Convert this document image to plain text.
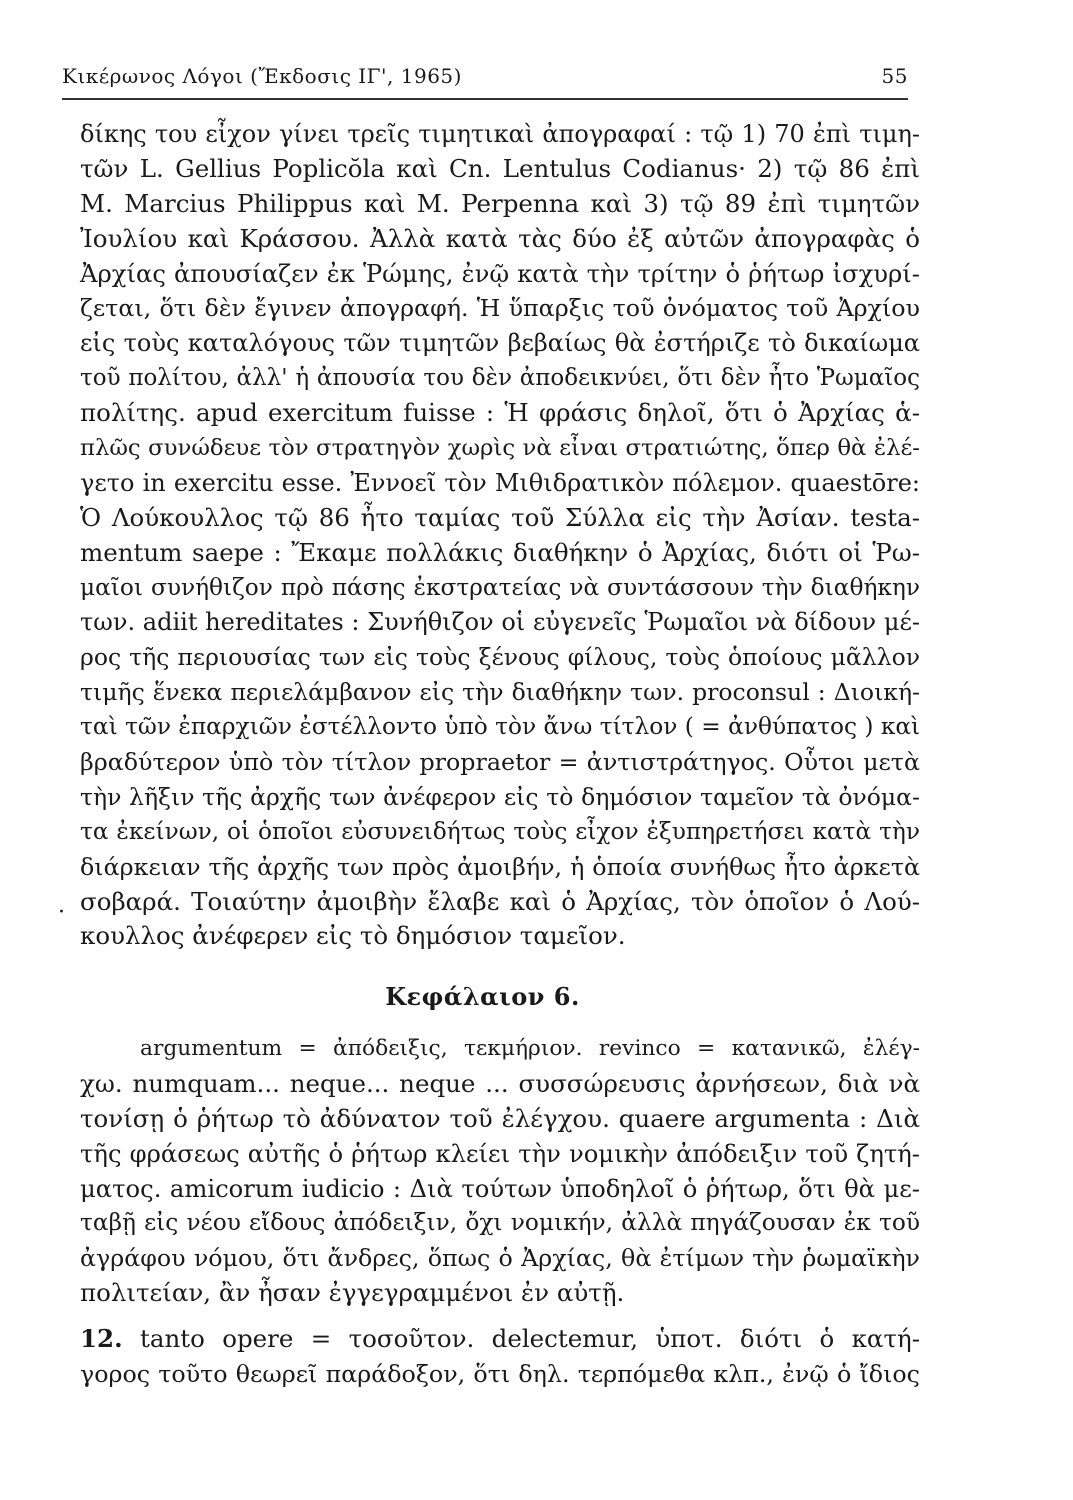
Κικέρωνος Λόγοι (Ἔκδοσις ΙΓ', 1965)	55
·
δίκης του εἶχον γίνει τρεῖς τιμητικαὶ ἀπογραφαί : τῷ 1) 70 ἐπὶ τιμη-
τῶν L. Gellius Poplicŏla καὶ Cn. Lentulus Codianus· 2) τῷ 86 ἐπὶ
M. Marcius Philippus καὶ M. Perpenna καὶ 3) τῷ 89 ἐπὶ τιμητῶν
Ἰουλίου καὶ Κράσσου. Ἀλλὰ κατὰ τὰς δύο ἐξ αὐτῶν ἀπογραφὰς ὁ
Ἀρχίας ἀπουσίαζεν ἐκ Ῥώμης, ἐνῷ κατὰ τὴν τρίτην ὁ ῥήτωρ ἰσχυρί-
ζεται, ὅτι δὲν ἔγινεν ἀπογραφή. Ἡ ὕπαρξις τοῦ ὀνόματος τοῦ Ἀρχίου
εἰς τοὺς καταλόγους τῶν τιμητῶν βεβαίως θὰ ἐστήριζε τὸ δικαίωμα
τοῦ πολίτου, ἀλλ' ἡ ἀπουσία του δὲν ἀποδεικνύει, ὅτι δὲν ἦτο Ῥωμαῖος
πολίτης. apud exercitum fuisse : Ἡ φράσις δηλοῖ, ὅτι ὁ Ἀρχίας ἁ-
πλῶς συνώδευε τὸν στρατηγὸν χωρὶς νὰ εἶναι στρατιώτης, ὅπερ θὰ ἐλέ-
γετο in exercitu esse. Ἐννοεῖ τὸν Μιθιδρατικὸν πόλεμον. quaestōre:
Ὁ Λούκουλλος τῷ 86 ἦτο ταμίας τοῦ Σύλλα εἰς τὴν Ἀσίαν. testa-
mentum saepe : Ἔκαμε πολλάκις διαθήκην ὁ Ἀρχίας, διότι οἱ Ῥω-
μαῖοι συνήθιζον πρὸ πάσης ἐκστρατείας νὰ συντάσσουν τὴν διαθήκην
των. adiit hereditates : Συνήθιζον οἱ εὐγενεῖς Ῥωμαῖοι νὰ δίδουν μέ-
ρος τῆς περιουσίας των εἰς τοὺς ξένους φίλους, τοὺς ὁποίους μᾶλλον
τιμῆς ἕνεκα περιελάμβανον εἰς τὴν διαθήκην των. proconsul : Διοική-
ταὶ τῶν ἐπαρχιῶν ἐστέλλοντο ὑπὸ τὸν ἄνω τίτλον ( = ἀνθύπατος ) καὶ
βραδύτερον ὑπὸ τὸν τίτλον propraetor = ἀντιστράτηγος. Οὗτοι μετὰ
τὴν λῆξιν τῆς ἀρχῆς των ἀνέφερον εἰς τὸ δημόσιον ταμεῖον τὰ ὀνόμα-
τα ἐκείνων, οἱ ὁποῖοι εὐσυνειδήτως τοὺς εἶχον ἐξυπηρετήσει κατὰ τὴν
διάρκειαν τῆς ἀρχῆς των πρὸς ἀμοιβήν, ἡ ὁποία συνήθως ἦτο ἀρκετὰ
σοβαρά. Τοιαύτην ἀμοιβὴν ἔλαβε καὶ ὁ Ἀρχίας, τὸν ὁποῖον ὁ Λού-
κουλλος ἀνέφερεν εἰς τὸ δημόσιον ταμεῖον.
Κεφάλαιον 6.
argumentum = ἀπόδειξις, τεκμήριον. revinco = κατανικῶ, ἐλέγ-
χω. numquam... neque... neque ... συσσώρευσις ἀρνήσεων, διὰ νὰ
τονίσῃ ὁ ῥήτωρ τὸ ἀδύνατον τοῦ ἐλέγχου. quaere argumenta : Διὰ
τῆς φράσεως αὐτῆς ὁ ῥήτωρ κλείει τὴν νομικὴν ἀπόδειξιν τοῦ ζητή-
ματος. amicorum iudicio : Διὰ τούτων ὑποδηλοῖ ὁ ῥήτωρ, ὅτι θὰ με-
ταβῇ εἰς νέου εἴδους ἀπόδειξιν, ὄχι νομικήν, ἀλλὰ πηγάζουσαν ἐκ τοῦ
ἀγράφου νόμου, ὅτι ἄνδρες, ὅπως ὁ Ἀρχίας, θὰ ἐτίμων τὴν ῥωμαϊκὴν
πολιτείαν, ἂν ἦσαν ἐγγεγραμμένοι ἐν αὐτῇ.
12. tanto opere = τοσοῦτον. delectemur, ὑποτ. διότι ὁ κατή-
γορος τοῦτο θεωρεῖ παράδοξον, ὅτι δηλ. τερπόμεθα κλπ., ἐνῷ ὁ ἴδιος
